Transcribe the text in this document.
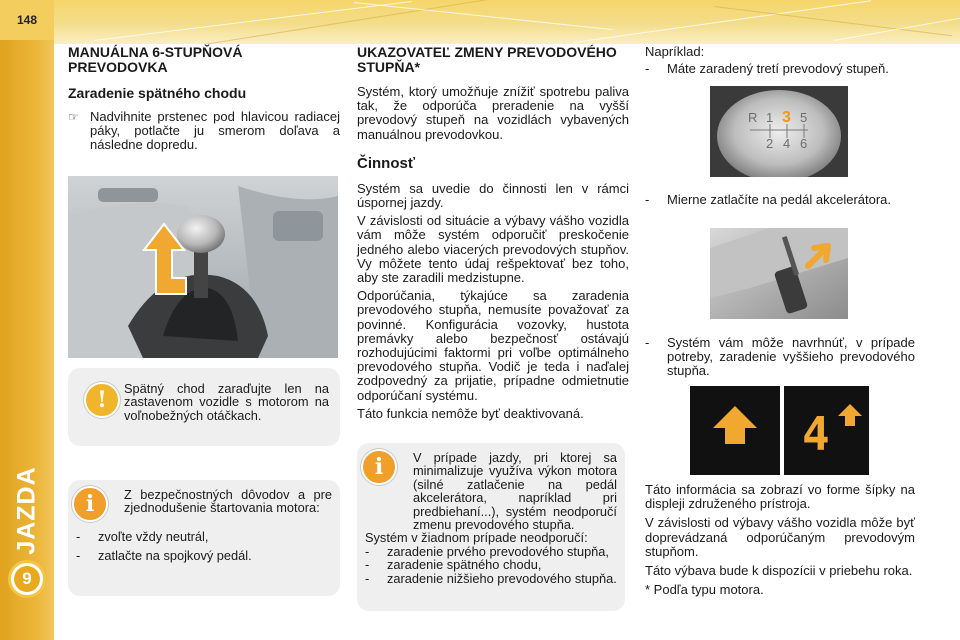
148
JAZDA
9
MANUÁLNA 6-STUPŇOVÁ PREVODOVKA
Zaradenie spätného chodu
☞ Nadvihnite prstenec pod hlavicou radiacej páky, potlačte ju smerom doľava a následne dopredu.
!	Spätný chod zaraďujte len na zastavenom vozidle s motorom na voľnobežných otáčkach.
i	Z bezpečnostných dôvodov a pre zjednodušenie štartovania motora:
-	zvoľte vždy neutrál,
-	zatlačte na spojkový pedál.
UKAZOVATEĽ ZMENY PREVODOVÉHO STUPŇA*

Systém, ktorý umožňuje znížiť spotrebu paliva tak, že odporúča preradenie na vyšší prevodový stupeň na vozidlách vybavených manuálnou prevodovkou.

Činnosť

Systém sa uvedie do činnosti len v rámci úspornej jazdy.

V závislosti od situácie a výbavy vášho vozidla vám môže systém odporučiť preskočenie jedného alebo viacerých prevodových stupňov. Vy môžete tento údaj rešpektovať bez toho, aby ste zaradili medzistupne.

Odporúčania, týkajúce sa zaradenia prevodového stupňa, nemusíte považovať za povinné. Konfigurácia vozovky, hustota premávky alebo bezpečnosť ostávajú rozhodujúcimi faktormi pri voľbe optimálneho prevodového stupňa. Vodič je teda i naďalej zodpovedný za prijatie, prípadne odmietnutie odporúčaní systému.

Táto funkcia nemôže byť deaktivovaná.

i	V prípade jazdy, pri ktorej sa minimalizuje využíva výkon motora (silné zatlačenie na pedál akcelerátora, napríklad pri predbiehaní...), systém neodporučí zmenu prevodového stupňa.
Systém v žiadnom prípade neodporučí:
-	zaradenie prvého prevodového stupňa,
-	zaradenie spätného chodu,
-	zaradenie nižšieho prevodového stupňa.

Napríklad:

-	Máte zaradený tretí prevodový stupeň.
R 1 3 5
2 4 6
-	Mierne zatlačíte na pedál akcelerátora.
-	Systém vám môže navrhnúť, v prípade potreby, zaradenie vyššieho prevodového stupňa.
4

Táto informácia sa zobrazí vo forme šípky na displeji združeného prístroja.

V závislosti od výbavy vášho vozidla môže byť doprevádzaná odporúčaným prevodovým stupňom.

Táto výbava bude k dispozícii v priebehu roka.

* Podľa typu motora.
